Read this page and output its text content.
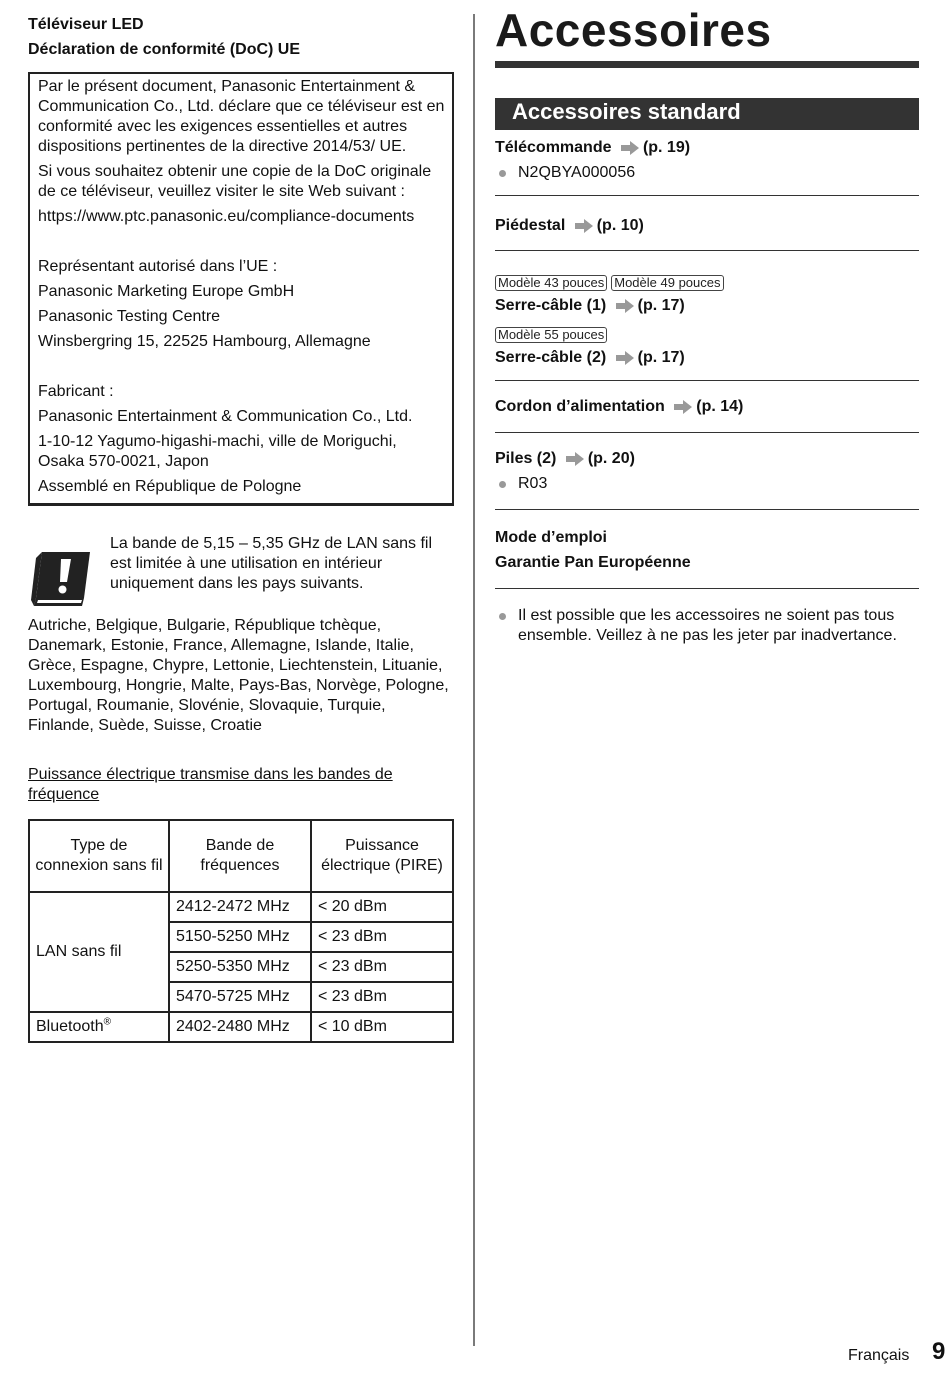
Téléviseur LED

Déclaration de conformité (DoC) UE

Par le présent document, Panasonic Entertainment & Communication Co., Ltd. déclare que ce téléviseur est en conformité avec les exigences essentielles et autres dispositions pertinentes de la directive 2014/53/ UE.

Si vous souhaitez obtenir une copie de la DoC originale de ce téléviseur, veuillez visiter le site Web suivant :

https://www.ptc.panasonic.eu/compliance-documents

Représentant autorisé dans l’UE :

Panasonic Marketing Europe GmbH

Panasonic Testing Centre

Winsbergring 15, 22525 Hambourg, Allemagne

Fabricant :

Panasonic Entertainment & Communication Co., Ltd.

1-10-12 Yagumo-higashi-machi, ville de Moriguchi, Osaka 570-0021, Japon

Assemblé en République de Pologne

La bande de 5,15 – 5,35 GHz de LAN sans fil est limitée à une utilisation en intérieur uniquement dans les pays suivants.

Autriche, Belgique, Bulgarie, République tchèque, Danemark, Estonie, France, Allemagne, Islande, Italie, Grèce, Espagne, Chypre, Lettonie, Liechtenstein, Lituanie, Luxembourg, Hongrie, Malte, Pays-Bas, Norvège, Pologne, Portugal, Roumanie, Slovénie, Slovaquie, Turquie, Finlande, Suède, Suisse, Croatie

Puissance électrique transmise dans les bandes de fréquence
Type de connexion sans fil	Bande de fréquences	Puissance électrique (PIRE)
LAN sans fil	2412-2472 MHz	< 20 dBm
	5150-5250 MHz	< 23 dBm
	5250-5350 MHz	< 23 dBm
	5470-5725 MHz	< 23 dBm
Bluetooth®	2402-2480 MHz	< 10 dBm
Accessoires
Accessoires standard

Télécommande (p. 19)

N2QBYA000056

Piédestal (p. 10)

Modèle 43 pouces Modèle 49 pouces

Serre-câble (1) (p. 17)

Modèle 55 pouces

Serre-câble (2) (p. 17)

Cordon d’alimentation (p. 14)

Piles (2) (p. 20)

R03

Mode d’emploi

Garantie Pan Européenne

Il est possible que les accessoires ne soient pas tous ensemble. Veillez à ne pas les jeter par inadvertance.
Français 9
